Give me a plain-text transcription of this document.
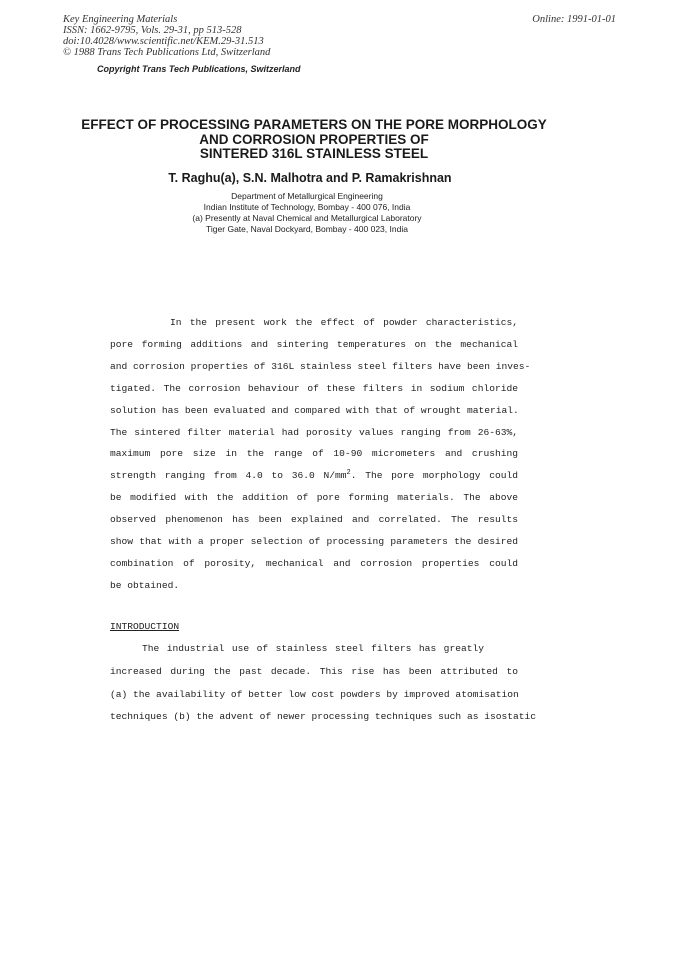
Key Engineering Materials
ISSN: 1662-9795, Vols. 29-31, pp 513-528
doi:10.4028/www.scientific.net/KEM.29-31.513
© 1988 Trans Tech Publications Ltd, Switzerland
Online: 1991-01-01
Copyright Trans Tech Publications, Switzerland
EFFECT OF PROCESSING PARAMETERS ON THE PORE MORPHOLOGY
AND CORROSION PROPERTIES OF
SINTERED 316L STAINLESS STEEL
T. Raghu(a), S.N. Malhotra and P. Ramakrishnan
Department of Metallurgical Engineering
Indian Institute of Technology, Bombay - 400 076, India
(a) Presently at Naval Chemical and Metallurgical Laboratory
Tiger Gate, Naval Dockyard, Bombay - 400 023, India
In the present work the effect of powder characteristics,
pore forming additions and sintering temperatures on the mechanical
and corrosion properties of 316L stainless steel filters have been inves-
tigated. The corrosion behaviour of these filters in sodium chloride
solution has been evaluated and compared with that of wrought material.
The sintered filter material had porosity values ranging from 26-63%,
maximum pore size in the range of 10-90 micrometers and crushing
strength ranging from 4.0 to 36.0 $N/mm^2$. The pore morphology could
be modified with the addition of pore forming materials. The above
observed phenomenon has been explained and correlated. The results
show that with a proper selection of processing parameters the desired
combination of porosity, mechanical and corrosion properties could
be obtained.
INTRODUCTION
The industrial use of stainless steel filters has greatly
increased during the past decade. This rise has been attributed to
(a) the availability of better low cost powders by improved atomisation
techniques (b) the advent of newer processing techniques such as isostatic
